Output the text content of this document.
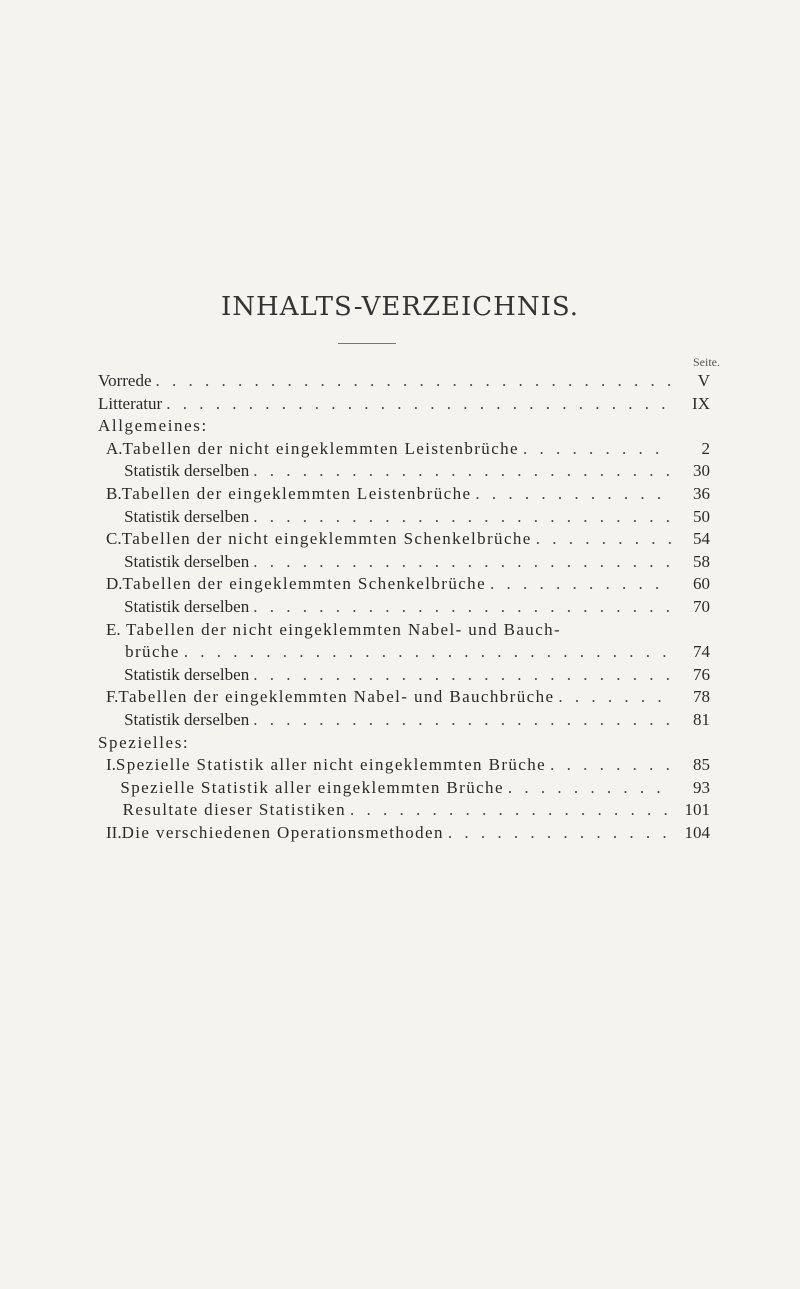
INHALTS-VERZEICHNIS.
Seite.
Vorrede . . .	V
Litteratur . . .	IX
Allgemeines:
A. Tabellen der nicht eingeklemmten Leistenbrüche . . .	2
Statistik derselben . . .	30
B. Tabellen der eingeklemmten Leistenbrüche . . .	36
Statistik derselben . . .	50
C. Tabellen der nicht eingeklemmten Schenkelbrüche . . .	54
Statistik derselben . . .	58
D. Tabellen der eingeklemmten Schenkelbrüche . . .	60
Statistik derselben . . .	70
E. Tabellen der nicht eingeklemmten Nabel- und Bauch-
brüche . . .	74
Statistik derselben . . .	76
F. Tabellen der eingeklemmten Nabel- und Bauchbrüche . . .	78
Statistik derselben . . .	81
Spezielles:
I. Spezielle Statistik aller nicht eingeklemmten Brüche . . .	85
Spezielle Statistik aller eingeklemmten Brüche . . .	93
Resultate dieser Statistiken . . .	101
II. Die verschiedenen Operationsmethoden . . .	104
